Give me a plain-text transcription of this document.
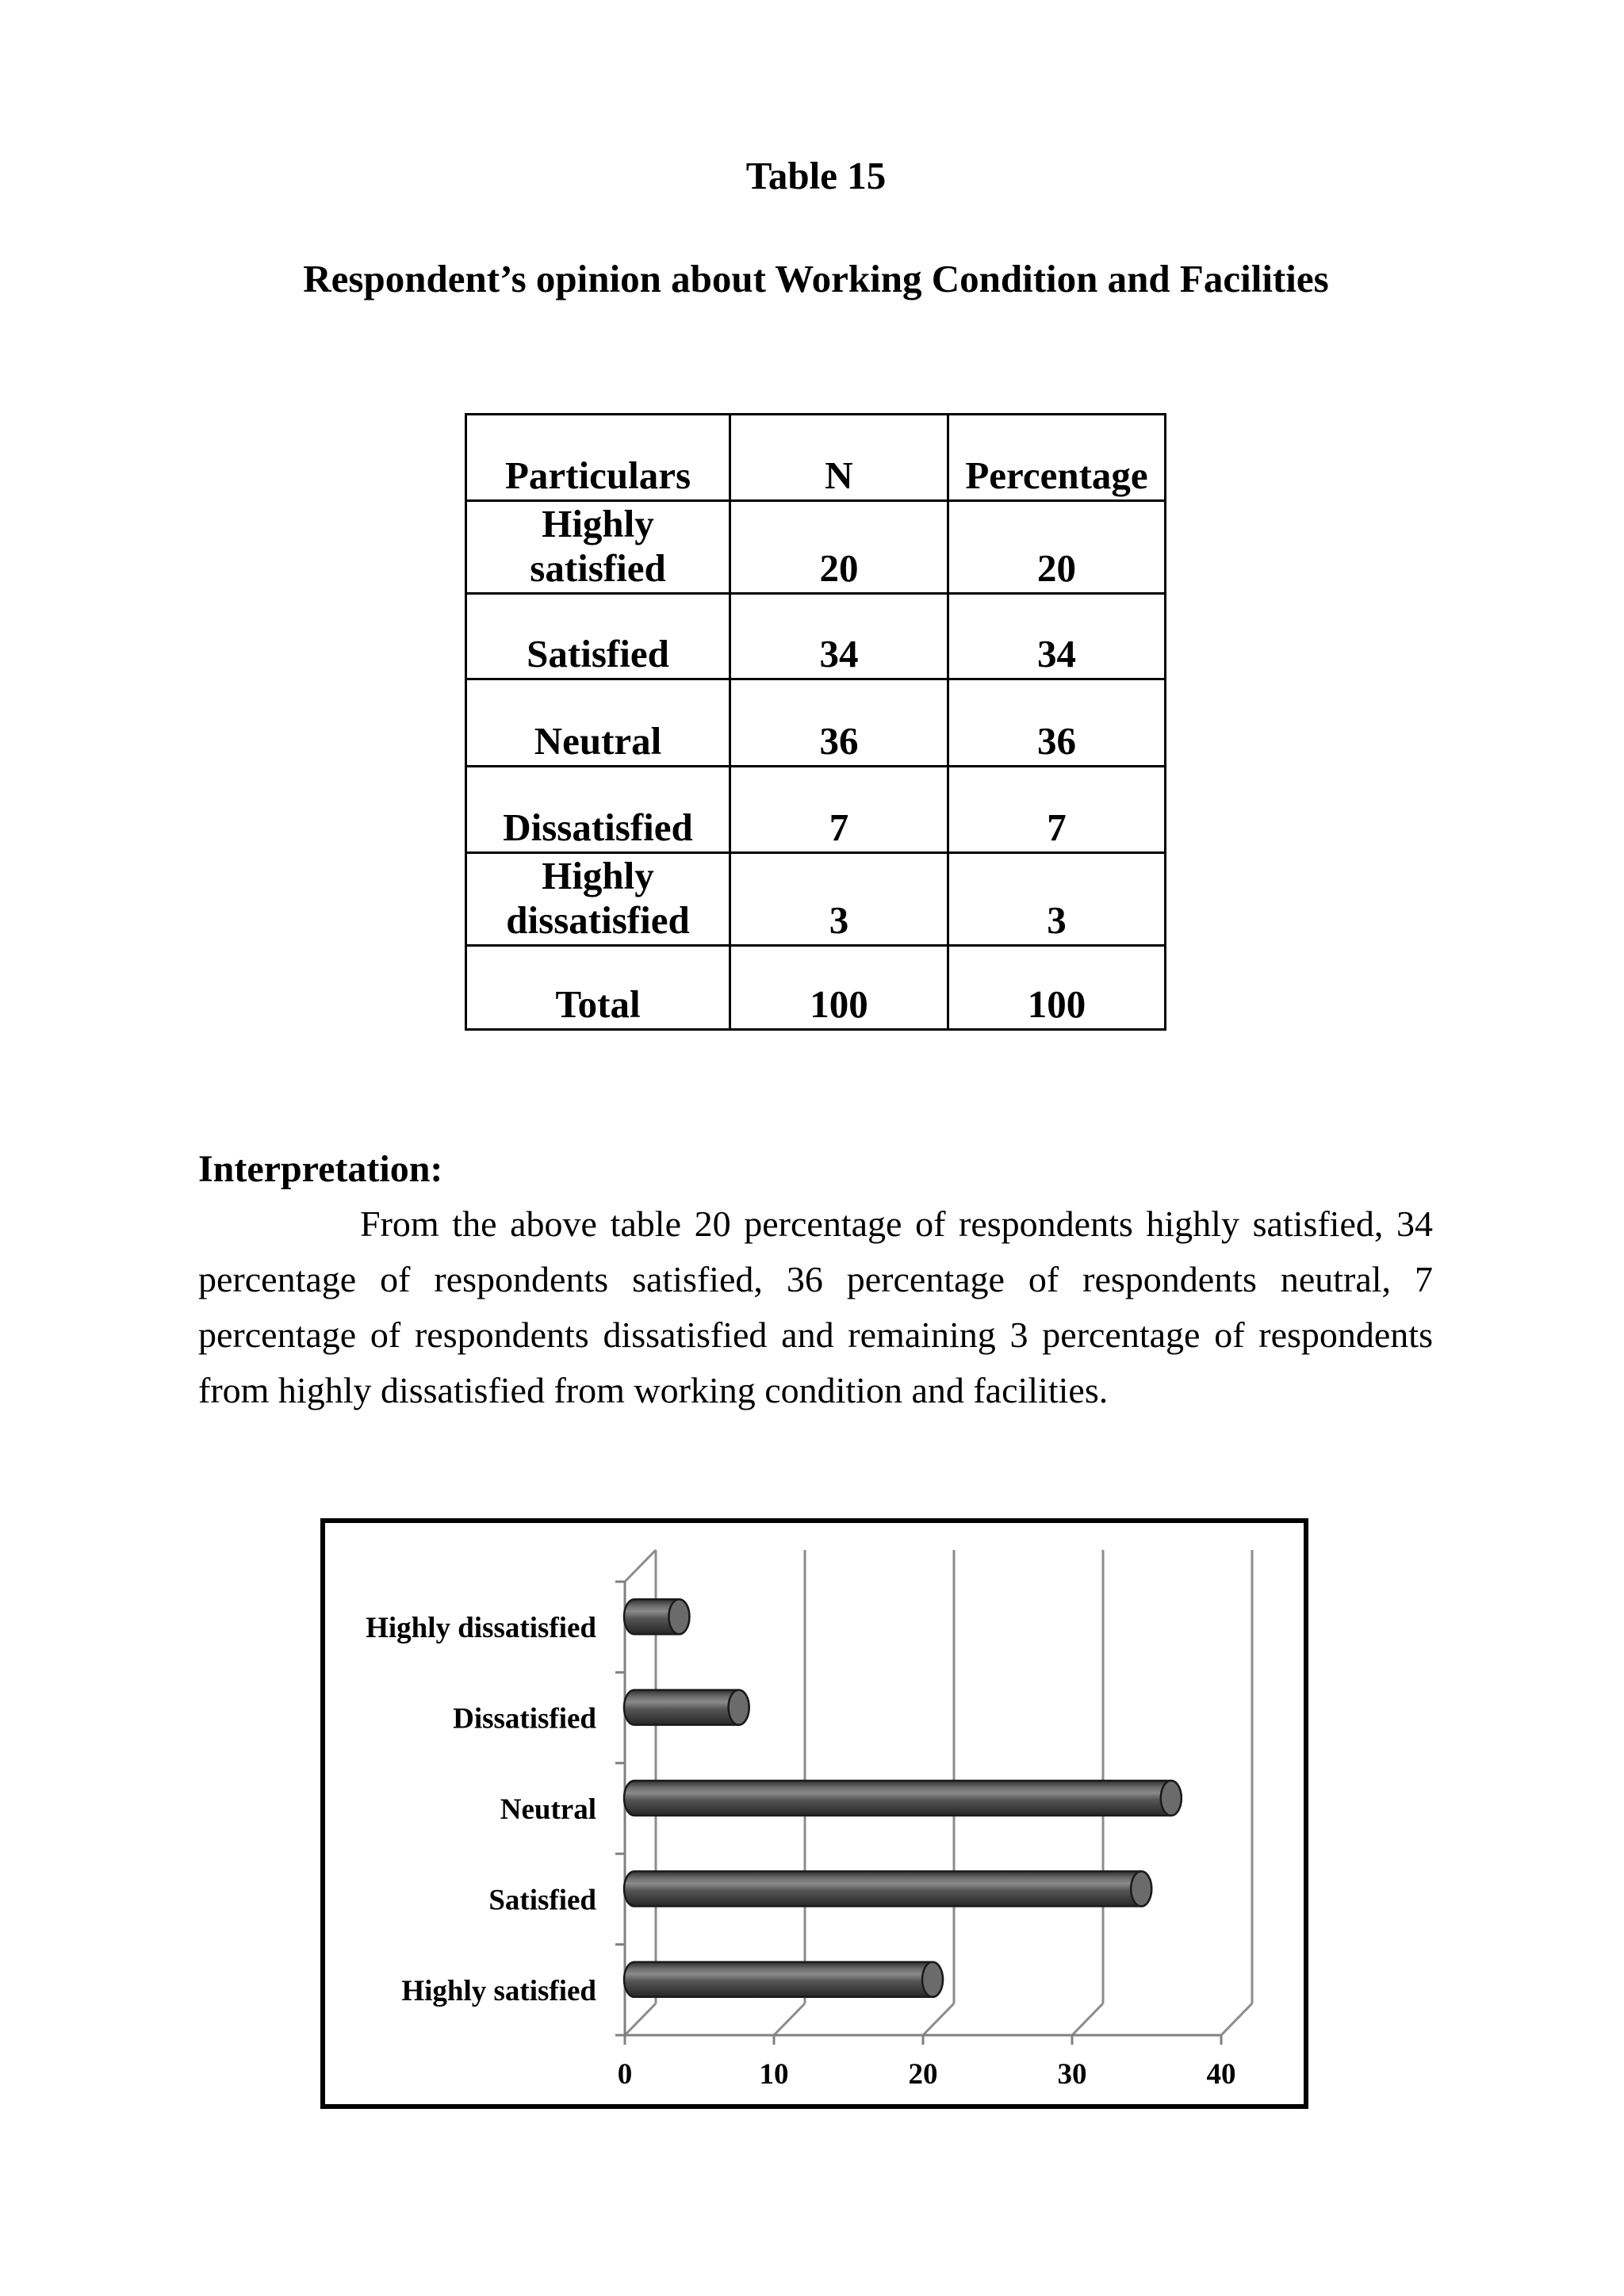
Table 15
Respondent’s opinion about Working Condition and Facilities
Particulars	N	Percentage
Highly satisfied	20	20
Satisfied	34	34
Neutral	36	36
Dissatisfied	7	7
Highly dissatisfied	3	3
Total	100	100
Interpretation:

From the above table 20 percentage of respondents highly satisfied, 34 percentage of respondents satisfied, 36 percentage of respondents neutral, 7 percentage of respondents dissatisfied and remaining 3 percentage of respondents from highly dissatisfied from working condition and facilities.

Highly satisfied
Satisfied
Neutral
Dissatisfied
Highly dissatisfied
0	10	20	30	40
